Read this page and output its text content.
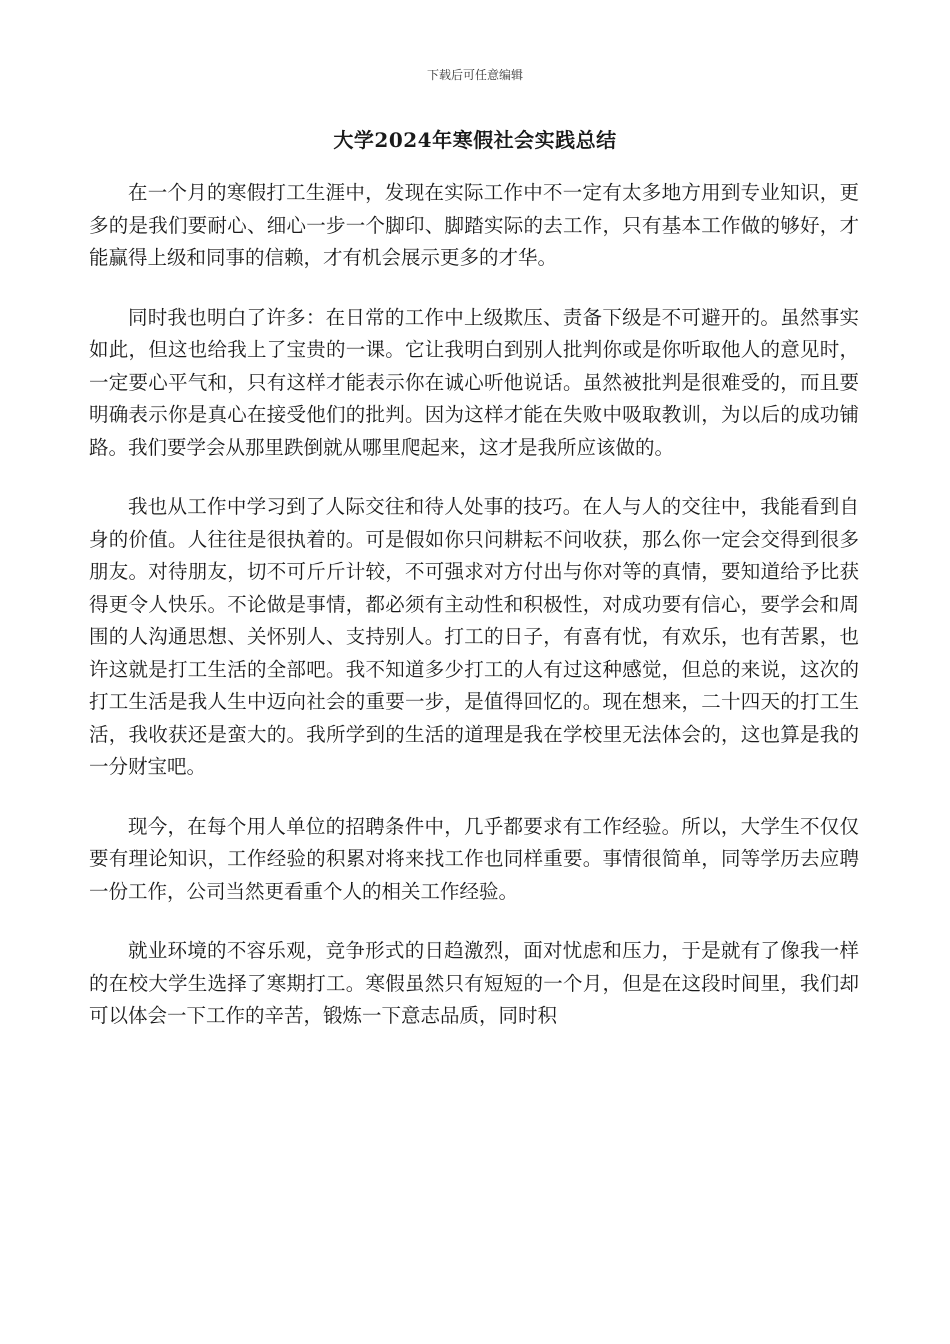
下载后可任意编辑
大学2024年寒假社会实践总结

在一个月的寒假打工生涯中，发现在实际工作中不一定有太多地方用到专业知识，更多的是我们要耐心、细心一步一个脚印、脚踏实际的去工作，只有基本工作做的够好，才能赢得上级和同事的信赖，才有机会展示更多的才华。

同时我也明白了许多：在日常的工作中上级欺压、责备下级是不可避开的。虽然事实如此，但这也给我上了宝贵的一课。它让我明白到别人批判你或是你听取他人的意见时，一定要心平气和，只有这样才能表示你在诚心听他说话。虽然被批判是很难受的，而且要明确表示你是真心在接受他们的批判。因为这样才能在失败中吸取教训，为以后的成功铺路。我们要学会从那里跌倒就从哪里爬起来，这才是我所应该做的。

我也从工作中学习到了人际交往和待人处事的技巧。在人与人的交往中，我能看到自身的价值。人往往是很执着的。可是假如你只问耕耘不问收获，那么你一定会交得到很多朋友。对待朋友，切不可斤斤计较，不可强求对方付出与你对等的真情，要知道给予比获得更令人快乐。不论做是事情，都必须有主动性和积极性，对成功要有信心，要学会和周围的人沟通思想、关怀别人、支持别人。打工的日子，有喜有忧，有欢乐，也有苦累，也许这就是打工生活的全部吧。我不知道多少打工的人有过这种感觉，但总的来说，这次的打工生活是我人生中迈向社会的重要一步，是值得回忆的。现在想来，二十四天的打工生活，我收获还是蛮大的。我所学到的生活的道理是我在学校里无法体会的，这也算是我的一分财宝吧。

现今，在每个用人单位的招聘条件中，几乎都要求有工作经验。所以，大学生不仅仅要有理论知识，工作经验的积累对将来找工作也同样重要。事情很简单，同等学历去应聘一份工作，公司当然更看重个人的相关工作经验。

就业环境的不容乐观，竞争形式的日趋激烈，面对忧虑和压力，于是就有了像我一样的在校大学生选择了寒期打工。寒假虽然只有短短的一个月，但是在这段时间里，我们却可以体会一下工作的辛苦，锻炼一下意志品质，同时积
